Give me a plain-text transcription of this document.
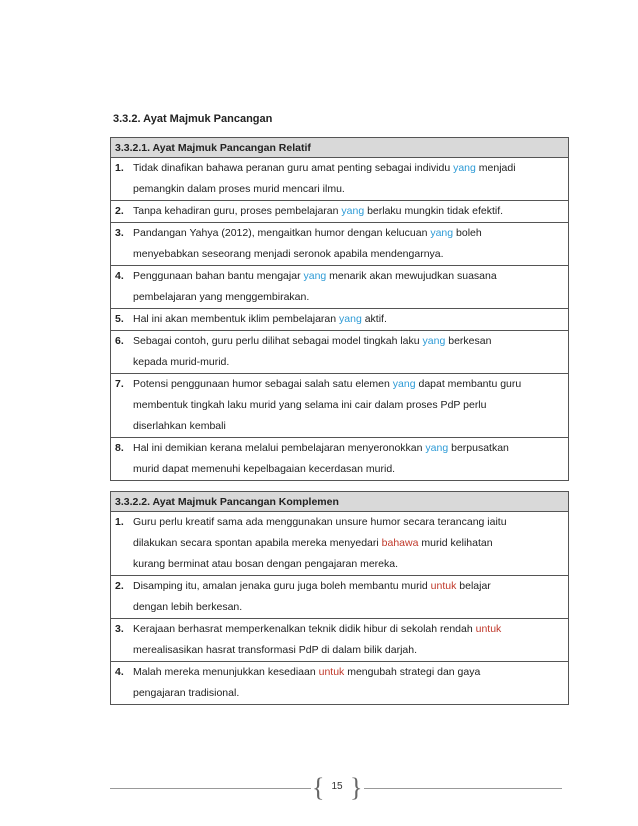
3.3.2. Ayat Majmuk Pancangan
3.3.2.1. Ayat Majmuk Pancangan Relatif
1. Tidak dinafikan bahawa peranan guru amat penting sebagai individu yang menjadi
pemangkin dalam proses murid mencari ilmu.
2. Tanpa kehadiran guru, proses pembelajaran yang berlaku mungkin tidak efektif.
3. Pandangan Yahya (2012), mengaitkan humor dengan kelucuan yang boleh
menyebabkan seseorang menjadi seronok apabila mendengarnya.
4. Penggunaan bahan bantu mengajar yang menarik akan mewujudkan suasana
pembelajaran yang menggembirakan.
5. Hal ini akan membentuk iklim pembelajaran yang aktif.
6. Sebagai contoh, guru perlu dilihat sebagai model tingkah laku yang berkesan
kepada murid-murid.
7. Potensi penggunaan humor sebagai salah satu elemen yang dapat membantu guru
membentuk tingkah laku murid yang selama ini cair dalam proses PdP perlu
diserlahkan kembali
8. Hal ini demikian kerana melalui pembelajaran menyeronokkan yang berpusatkan
murid dapat memenuhi kepelbagaian kecerdasan murid.
3.3.2.2. Ayat Majmuk Pancangan Komplemen
1. Guru perlu kreatif sama ada menggunakan unsure humor secara terancang iaitu
dilakukan secara spontan apabila mereka menyedari bahawa murid kelihatan
kurang berminat atau bosan dengan pengajaran mereka.
2. Disamping itu, amalan jenaka guru juga boleh membantu murid untuk belajar
dengan lebih berkesan.
3. Kerajaan berhasrat memperkenalkan teknik didik hibur di sekolah rendah untuk
merealisasikan hasrat transformasi PdP di dalam bilik darjah.
4. Malah mereka menunjukkan kesediaan untuk mengubah strategi dan gaya
pengajaran tradisional.
{ 15 }
